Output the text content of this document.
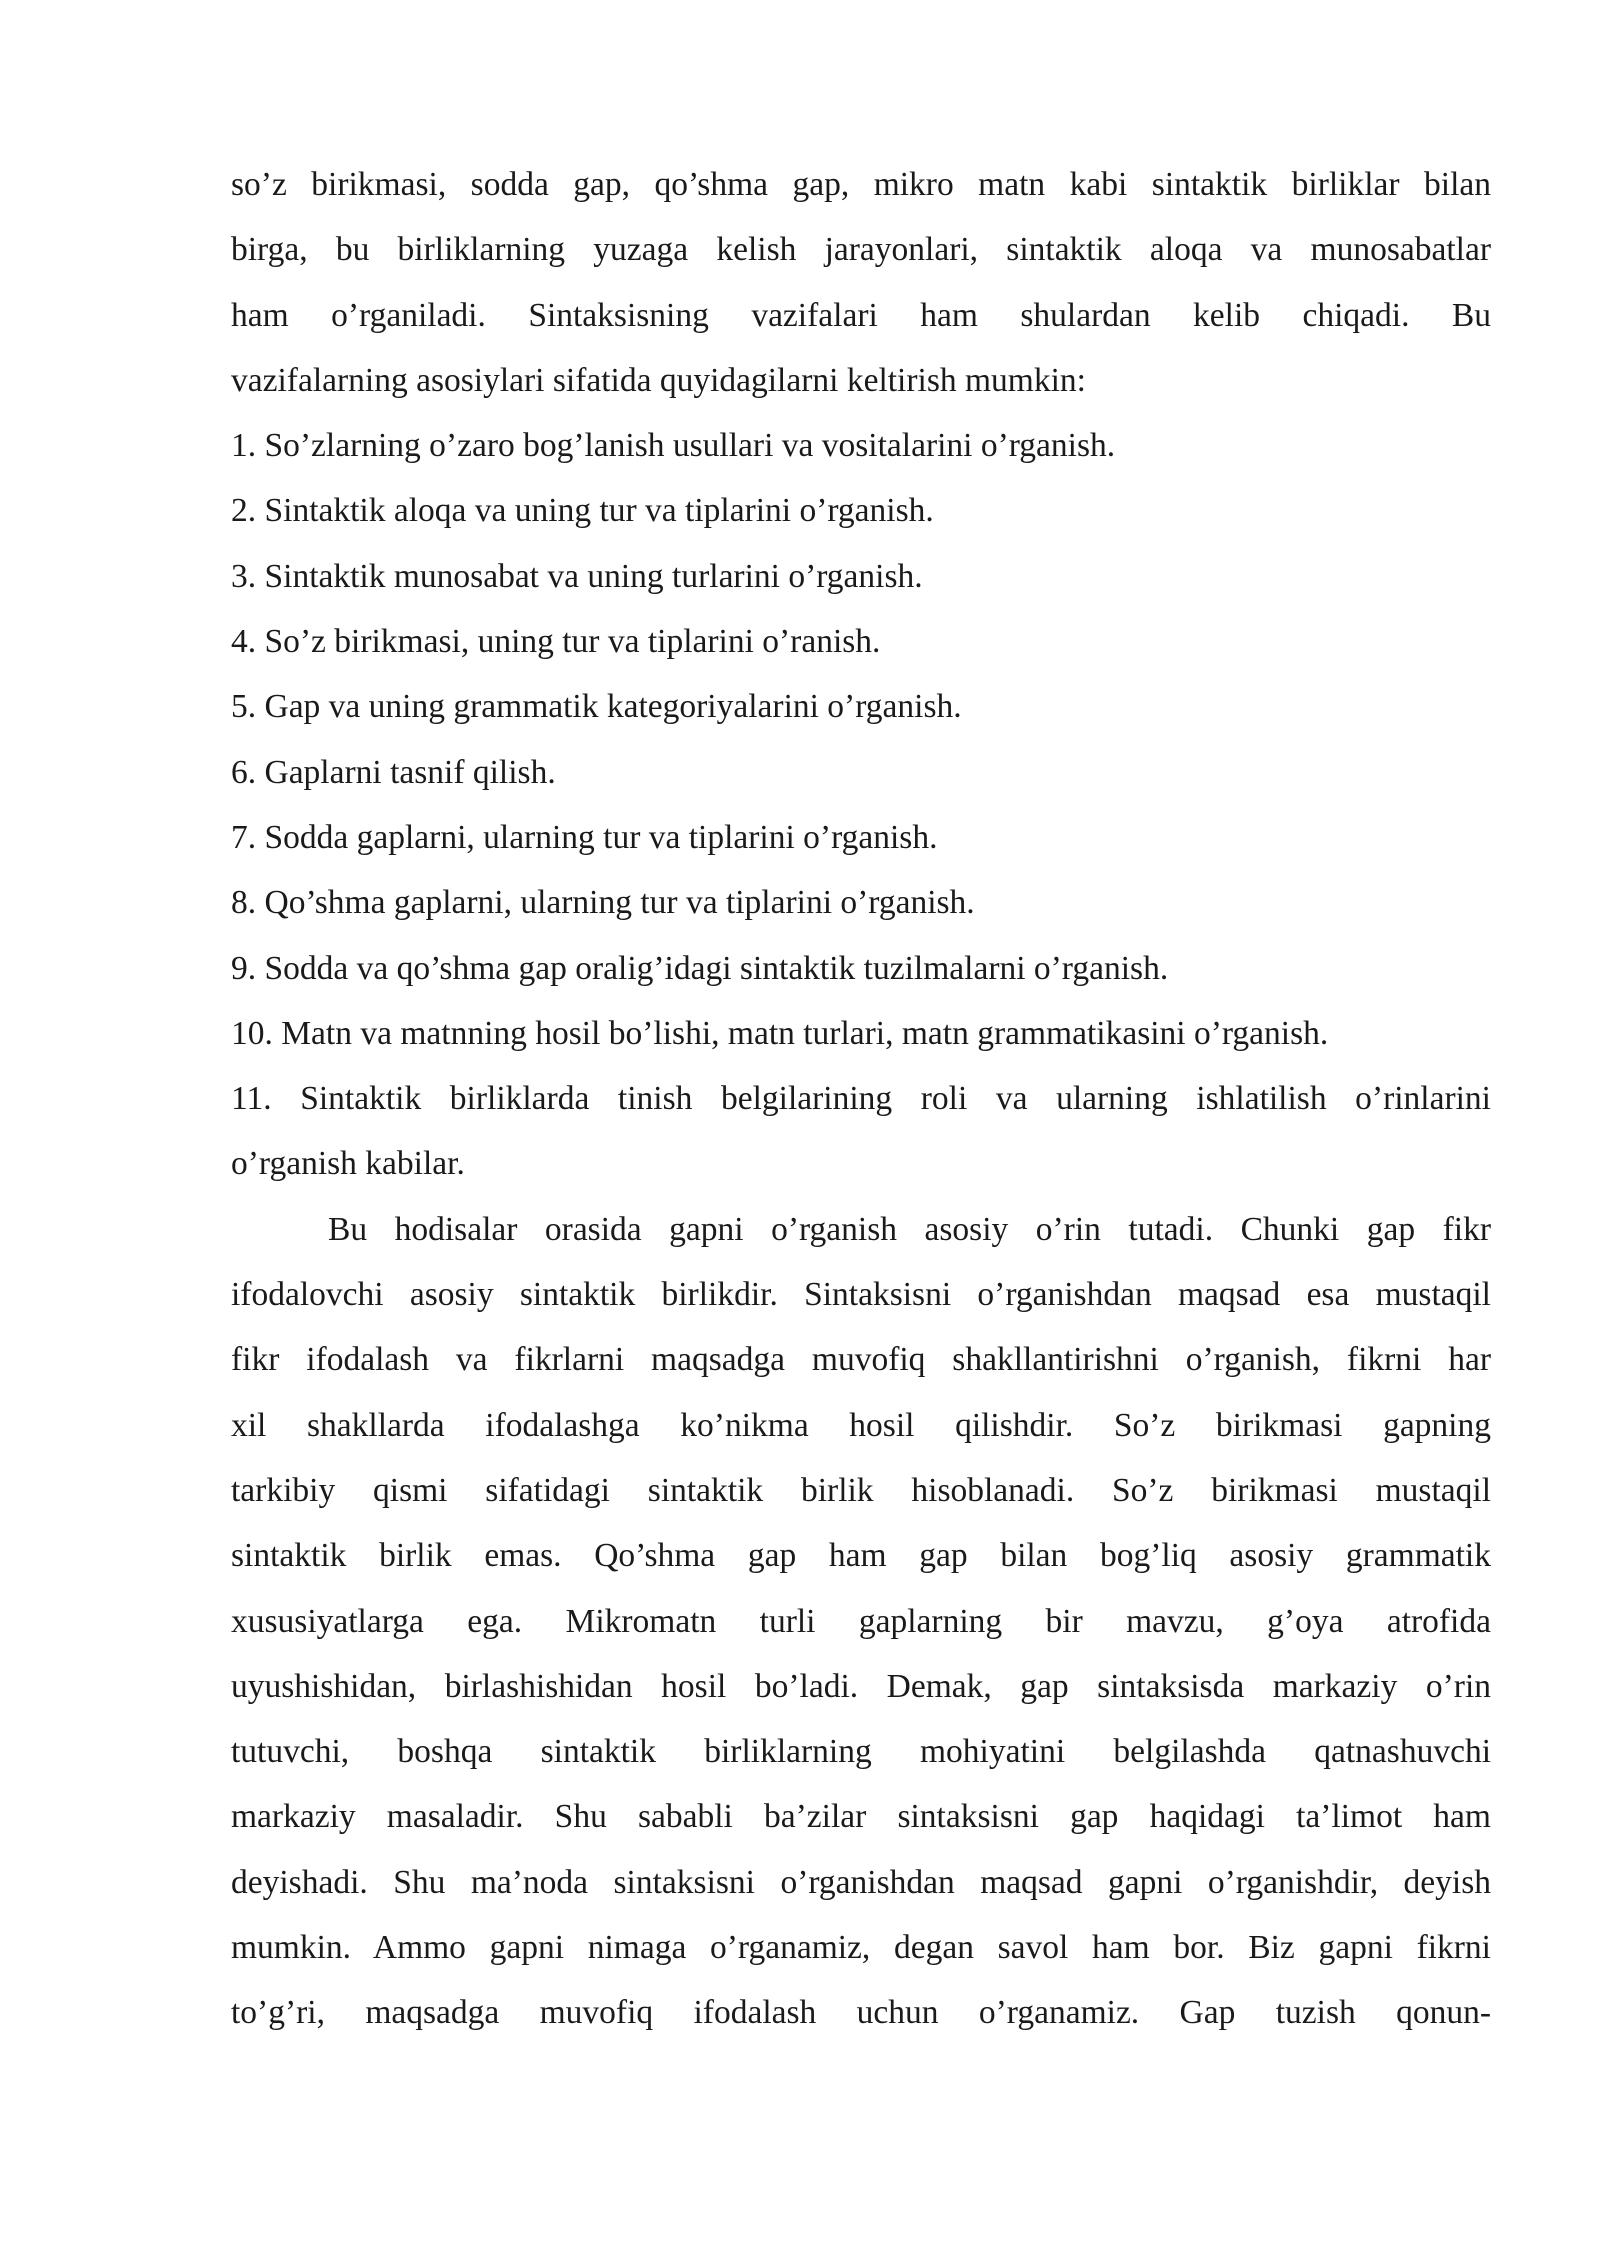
so’z birikmasi, sodda gap, qo’shma gap, mikro matn kabi sintaktik birliklar bilan
birga, bu birliklarning yuzaga kelish jarayonlari, sintaktik aloqa va munosabatlar
ham o’rganiladi. Sintaksisning vazifalari ham shulardan kelib chiqadi. Bu
vazifalarning asosiylari sifatida quyidagilarni keltirish mumkin:
1. So’zlarning o’zaro bog’lanish usullari va vositalarini o’rganish.
2. Sintaktik aloqa va uning tur va tiplarini o’rganish.
3. Sintaktik munosabat va uning turlarini o’rganish.
4. So’z birikmasi, uning tur va tiplarini o’ranish.
5. Gap va uning grammatik kategoriyalarini o’rganish.
6. Gaplarni tasnif qilish.
7. Sodda gaplarni, ularning tur va tiplarini o’rganish.
8. Qo’shma gaplarni, ularning tur va tiplarini o’rganish.
9. Sodda va qo’shma gap oralig’idagi sintaktik tuzilmalarni o’rganish.
10. Matn va matnning hosil bo’lishi, matn turlari, matn grammatikasini o’rganish.
11. Sintaktik birliklarda tinish belgilarining roli va ularning ishlatilish o’rinlarini
o’rganish kabilar.
Bu hodisalar orasida gapni o’rganish asosiy o’rin tutadi. Chunki gap fikr
ifodalovchi asosiy sintaktik birlikdir. Sintaksisni o’rganishdan maqsad esa mustaqil
fikr ifodalash va fikrlarni maqsadga muvofiq shakllantirishni o’rganish, fikrni har
xil shakllarda ifodalashga ko’nikma hosil qilishdir. So’z birikmasi gapning
tarkibiy qismi sifatidagi sintaktik birlik hisoblanadi. So’z birikmasi mustaqil
sintaktik birlik emas. Qo’shma gap ham gap bilan bog’liq asosiy grammatik
xususiyatlarga ega. Mikromatn turli gaplarning bir mavzu, g’oya atrofida
uyushishidan, birlashishidan hosil bo’ladi. Demak, gap sintaksisda markaziy o’rin
tutuvchi, boshqa sintaktik birliklarning mohiyatini belgilashda qatnashuvchi
markaziy masaladir. Shu sababli ba’zilar sintaksisni gap haqidagi ta’limot ham
deyishadi. Shu ma’noda sintaksisni o’rganishdan maqsad gapni o’rganishdir, deyish
mumkin. Ammo gapni nimaga o’rganamiz, degan savol ham bor. Biz gapni fikrni
to’g’ri, maqsadga muvofiq ifodalash uchun o’rganamiz. Gap tuzish qonun-
